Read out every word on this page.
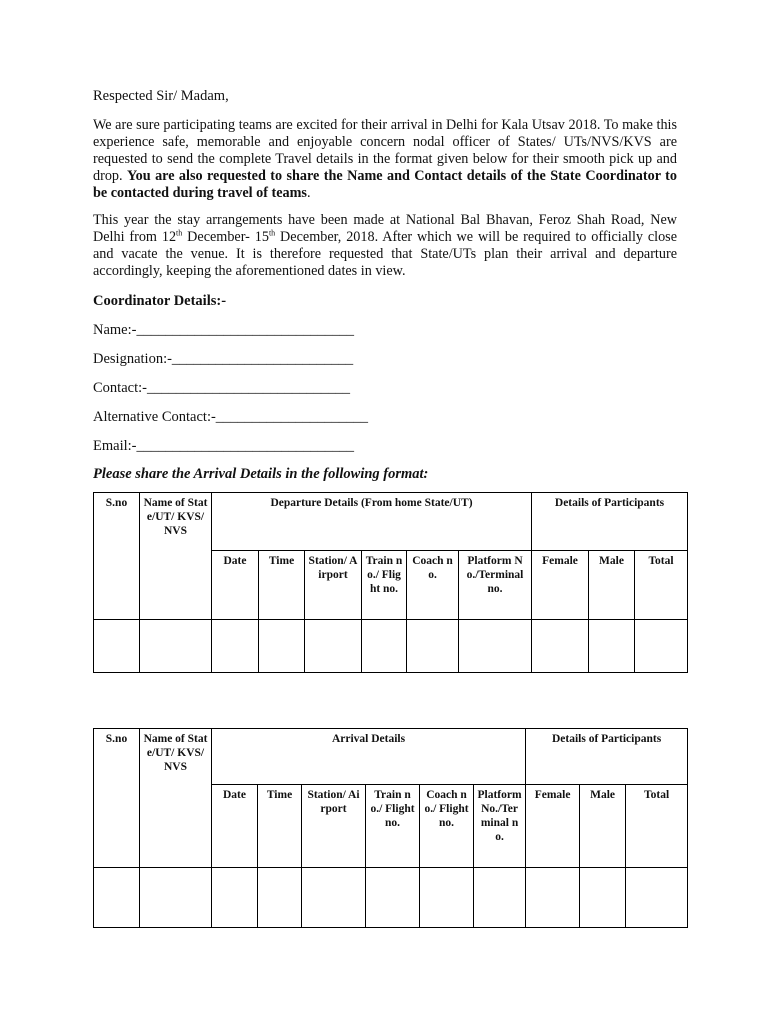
Respected Sir/ Madam,

We are sure participating teams are excited for their arrival in Delhi for Kala Utsav 2018. To make this experience safe, memorable and enjoyable concern nodal officer of States/ UTs/NVS/KVS are requested to send the complete Travel details in the format given below for their smooth pick up and drop. You are also requested to share the Name and Contact details of the State Coordinator to be contacted during travel of teams.

This year the stay arrangements have been made at National Bal Bhavan, Feroz Shah Road, New Delhi from 12th December- 15th December, 2018. After which we will be required to officially close and vacate the venue. It is therefore requested that State/UTs plan their arrival and departure accordingly, keeping the aforementioned dates in view.

Coordinator Details:-
Name:-______________________________
Designation:-_________________________
Contact:-____________________________
Alternative Contact:-_____________________
Email:-______________________________
Please share the Arrival Details in the following format:
S.no	Name of State/UT/ KVS/NVS	Departure Details (From home State/UT)						Details of Participants		
		Date	Time	Station/ Airport	Train no./ Flight no.	Coach no.	Platform No./Terminal no.	Female	Male	Total

S.no	Name of State/UT/ KVS/NVS	Arrival Details						Details of Participants		
		Date	Time	Station/ Airport	Train no./ Flight no.	Coach no./ Flight no.	Platform No./Terminal no.	Female	Male	Total
